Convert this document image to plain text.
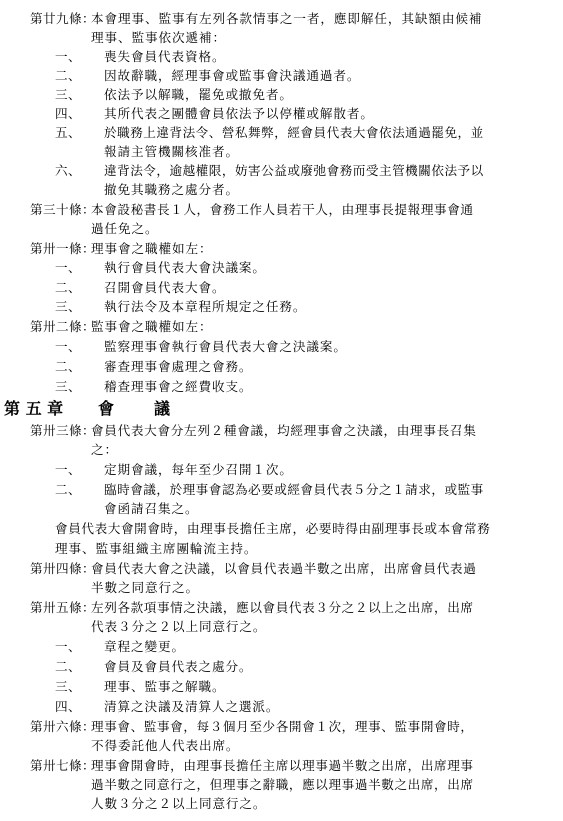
第廿九條：
本會理事、監事有左列各款情事之一者，應即解任，其缺額由候補
理事、監事依次遞補：
一、 喪失會員代表資格。
二、 因故辭職，經理事會或監事會決議通過者。
三、 依法予以解職，罷免或撤免者。
四、 其所代表之團體會員依法予以停權或解散者。
五、 於職務上違背法令、營私舞弊，經會員代表大會依法通過罷免，並
報請主管機關核准者。
六、 違背法令，逾越權限，妨害公益或廢弛會務而受主管機關依法予以
撤免其職務之處分者。
第三十條：
本會設秘書長１人，會務工作人員若干人，由理事長提報理事會通
過任免之。
第卅一條：
理事會之職權如左：
一、 執行會員代表大會決議案。
二、 召開會員代表大會。
三、 執行法令及本章程所規定之任務。
第卅二條：
監事會之職權如左：
一、 監察理事會執行會員代表大會之決議案。
二、 審查理事會處理之會務。
三、 稽查理事會之經費收支。
第 五 章 會 議
第卅三條：
會員代表大會分左列２種會議，均經理事會之決議，由理事長召集
之：
一、 定期會議，每年至少召開１次。
二、 臨時會議，於理事會認為必要或經會員代表５分之１請求，或監事
會函請召集之。
會員代表大會開會時，由理事長擔任主席，必要時得由副理事長或本會常務
理事、監事組織主席團輪流主持。
第卅四條：
會員代表大會之決議，以會員代表過半數之出席，出席會員代表過
半數之同意行之。
第卅五條：
左列各款項事情之決議，應以會員代表３分之２以上之出席，出席
代表３分之２以上同意行之。
一、 章程之變更。
二、 會員及會員代表之處分。
三、 理事、監事之解職。
四、 清算之決議及清算人之選派。
第卅六條：
理事會、監事會，每３個月至少各開會１次，理事、監事開會時，
不得委託他人代表出席。
第卅七條：
理事會開會時，由理事長擔任主席以理事過半數之出席，出席理事
過半數之同意行之，但理事之辭職，應以理事過半數之出席，出席
人數３分之２以上同意行之。
